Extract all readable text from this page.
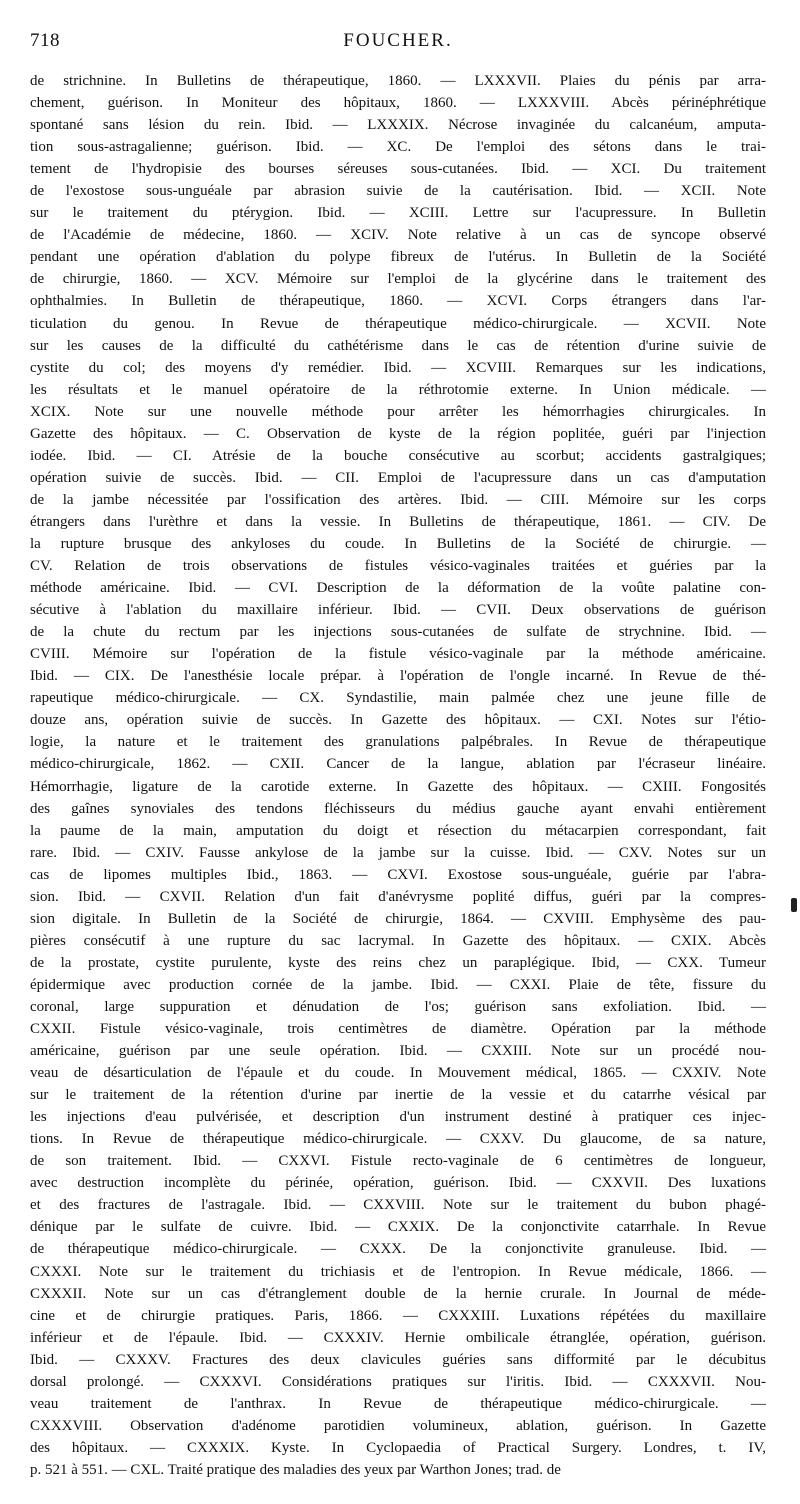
718	FOUCHER.
de strichnine. In Bulletins de thérapeutique, 1860. — LXXXVII. Plaies du pénis par arra-
chement, guérison. In Moniteur des hôpitaux, 1860. — LXXXVIII. Abcès périnéphrétique
spontané sans lésion du rein. Ibid. — LXXXIX. Nécrose invaginée du calcanéum, amputa-
tion sous-astragalienne; guérison. Ibid. — XC. De l'emploi des sétons dans le trai-
tement de l'hydropisie des bourses séreuses sous-cutanées. Ibid. — XCI. Du traitement
de l'exostose sous-unguéale par abrasion suivie de la cautérisation. Ibid. — XCII. Note
sur le traitement du ptérygion. Ibid. — XCIII. Lettre sur l'acupressure. In Bulletin
de l'Académie de médecine, 1860. — XCIV. Note relative à un cas de syncope observé
pendant une opération d'ablation du polype fibreux de l'utérus. In Bulletin de la Société
de chirurgie, 1860. — XCV. Mémoire sur l'emploi de la glycérine dans le traitement des
ophthalmies. In Bulletin de thérapeutique, 1860. — XCVI. Corps étrangers dans l'ar-
ticulation du genou. In Revue de thérapeutique médico-chirurgicale. — XCVII. Note
sur les causes de la difficulté du cathétérisme dans le cas de rétention d'urine suivie de
cystite du col; des moyens d'y remédier. Ibid. — XCVIII. Remarques sur les indications,
les résultats et le manuel opératoire de la réthrotomie externe. In Union médicale. —
XCIX. Note sur une nouvelle méthode pour arrêter les hémorrhagies chirurgicales. In
Gazette des hôpitaux. — C. Observation de kyste de la région poplitée, guéri par l'injection
iodée. Ibid. — CI. Atrésie de la bouche consécutive au scorbut; accidents gastralgiques;
opération suivie de succès. Ibid. — CII. Emploi de l'acupressure dans un cas d'amputation
de la jambe nécessitée par l'ossification des artères. Ibid. — CIII. Mémoire sur les corps
étrangers dans l'urèthre et dans la vessie. In Bulletins de thérapeutique, 1861. — CIV. De
la rupture brusque des ankyloses du coude. In Bulletins de la Société de chirurgie. —
CV. Relation de trois observations de fistules vésico-vaginales traitées et guéries par la
méthode américaine. Ibid. — CVI. Description de la déformation de la voûte palatine con-
sécutive à l'ablation du maxillaire inférieur. Ibid. — CVII. Deux observations de guérison
de la chute du rectum par les injections sous-cutanées de sulfate de strychnine. Ibid. —
CVIII. Mémoire sur l'opération de la fistule vésico-vaginale par la méthode américaine.
Ibid. — CIX. De l'anesthésie locale prépar. à l'opération de l'ongle incarné. In Revue de thé-
rapeutique médico-chirurgicale. — CX. Syndastilie, main palmée chez une jeune fille de
douze ans, opération suivie de succès. In Gazette des hôpitaux. — CXI. Notes sur l'étio-
logie, la nature et le traitement des granulations palpébrales. In Revue de thérapeutique
médico-chirurgicale, 1862. — CXII. Cancer de la langue, ablation par l'écraseur linéaire.
Hémorrhagie, ligature de la carotide externe. In Gazette des hôpitaux. — CXIII. Fongosités
des gaînes synoviales des tendons fléchisseurs du médius gauche ayant envahi entièrement
la paume de la main, amputation du doigt et résection du métacarpien correspondant, fait
rare. Ibid. — CXIV. Fausse ankylose de la jambe sur la cuisse. Ibid. — CXV. Notes sur un
cas de lipomes multiples Ibid., 1863. — CXVI. Exostose sous-unguéale, guérie par l'abra-
sion. Ibid. — CXVII. Relation d'un fait d'anévrysme poplité diffus, guéri par la compres-
sion digitale. In Bulletin de la Société de chirurgie, 1864. — CXVIII. Emphysème des pau-
pières consécutif à une rupture du sac lacrymal. In Gazette des hôpitaux. — CXIX. Abcès
de la prostate, cystite purulente, kyste des reins chez un paraplégique. Ibid, — CXX. Tumeur
épidermique avec production cornée de la jambe. Ibid. — CXXI. Plaie de tête, fissure du
coronal, large suppuration et dénudation de l'os; guérison sans exfoliation. Ibid. —
CXXII. Fistule vésico-vaginale, trois centimètres de diamètre. Opération par la méthode
américaine, guérison par une seule opération. Ibid. — CXXIII. Note sur un procédé nou-
veau de désarticulation de l'épaule et du coude. In Mouvement médical, 1865. — CXXIV. Note
sur le traitement de la rétention d'urine par inertie de la vessie et du catarrhe vésical par
les injections d'eau pulvérisée, et description d'un instrument destiné à pratiquer ces injec-
tions. In Revue de thérapeutique médico-chirurgicale. — CXXV. Du glaucome, de sa nature,
de son traitement. Ibid. — CXXVI. Fistule recto-vaginale de 6 centimètres de longueur,
avec destruction incomplète du périnée, opération, guérison. Ibid. — CXXVII. Des luxations
et des fractures de l'astragale. Ibid. — CXXVIII. Note sur le traitement du bubon phagé-
dénique par le sulfate de cuivre. Ibid. — CXXIX. De la conjonctivite catarrhale. In Revue
de thérapeutique médico-chirurgicale. — CXXX. De la conjonctivite granuleuse. Ibid. —
CXXXI. Note sur le traitement du trichiasis et de l'entropion. In Revue médicale, 1866. —
CXXXII. Note sur un cas d'étranglement double de la hernie crurale. In Journal de méde-
cine et de chirurgie pratiques. Paris, 1866. — CXXXIII. Luxations répétées du maxillaire
inférieur et de l'épaule. Ibid. — CXXXIV. Hernie ombilicale étranglée, opération, guérison.
Ibid. — CXXXV. Fractures des deux clavicules guéries sans difformité par le décubitus
dorsal prolongé. — CXXXVI. Considérations pratiques sur l'iritis. Ibid. — CXXXVII. Nou-
veau traitement de l'anthrax. In Revue de thérapeutique médico-chirurgicale. —
CXXXVIII. Observation d'adénome parotidien volumineux, ablation, guérison. In Gazette
des hôpitaux. — CXXXIX. Kyste. In Cyclopaedia of Practical Surgery. Londres, t. IV,
p. 521 à 551. — CXL. Traité pratique des maladies des yeux par Warthon Jones; trad. de
